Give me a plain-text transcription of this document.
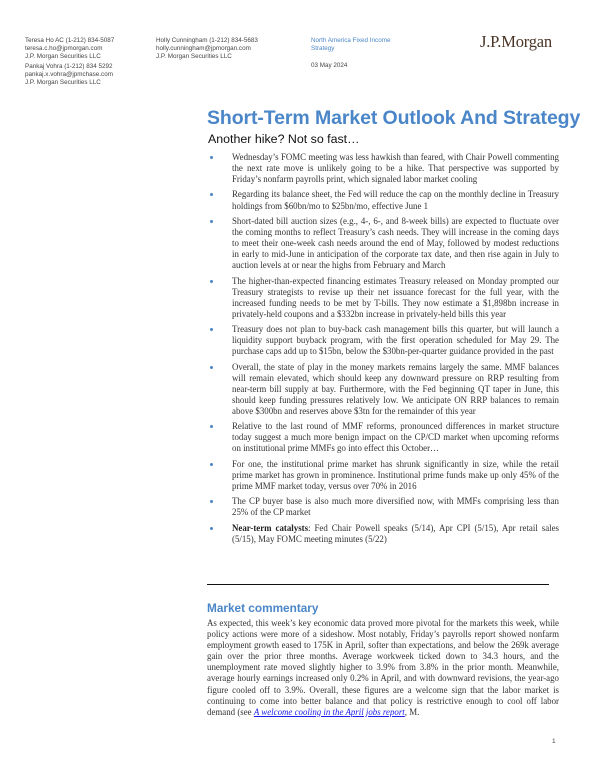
Teresa Ho AC (1-212) 834-5087
teresa.c.ho@jpmorgan.com
J.P. Morgan Securities LLC
Pankaj Vohra (1-212) 834 5292
pankaj.x.vohra@jpmchase.com
J.P. Morgan Securities LLC
Holly Cunningham (1-212) 834-5683
holly.cunningham@jpmorgan.com
J.P. Morgan Securities LLC
North America Fixed Income
Strategy
03 May 2024
J.P.Morgan
Short-Term Market Outlook And Strategy
Another hike? Not so fast…
Wednesday’s FOMC meeting was less hawkish than feared, with Chair Powell commenting the next rate move is unlikely going to be a hike. That perspective was supported by Friday’s nonfarm payrolls print, which signaled labor market cooling
Regarding its balance sheet, the Fed will reduce the cap on the monthly decline in Treasury holdings from $60bn/mo to $25bn/mo, effective June 1
Short-dated bill auction sizes (e.g., 4-, 6-, and 8-week bills) are expected to fluctuate over the coming months to reflect Treasury’s cash needs. They will increase in the coming days to meet their one-week cash needs around the end of May, followed by modest reductions in early to mid-June in anticipation of the corporate tax date, and then rise again in July to auction levels at or near the highs from February and March
The higher-than-expected financing estimates Treasury released on Monday prompted our Treasury strategists to revise up their net issuance forecast for the full year, with the increased funding needs to be met by T-bills. They now estimate a $1,898bn increase in privately-held coupons and a $332bn increase in privately-held bills this year
Treasury does not plan to buy-back cash management bills this quarter, but will launch a liquidity support buyback program, with the first operation scheduled for May 29. The purchase caps add up to $15bn, below the $30bn-per-quarter guidance provided in the past
Overall, the state of play in the money markets remains largely the same. MMF balances will remain elevated, which should keep any downward pressure on RRP resulting from near-term bill supply at bay. Furthermore, with the Fed beginning QT taper in June, this should keep funding pressures relatively low. We anticipate ON RRP balances to remain above $300bn and reserves above $3tn for the remainder of this year
Relative to the last round of MMF reforms, pronounced differences in market structure today suggest a much more benign impact on the CP/CD market when upcoming reforms on institutional prime MMFs go into effect this October…
For one, the institutional prime market has shrunk significantly in size, while the retail prime market has grown in prominence. Institutional prime funds make up only 45% of the prime MMF market today, versus over 70% in 2016
The CP buyer base is also much more diversified now, with MMFs comprising less than 25% of the CP market
Near-term catalysts: Fed Chair Powell speaks (5/14), Apr CPI (5/15), Apr retail sales (5/15), May FOMC meeting minutes (5/22)
Market commentary

As expected, this week’s key economic data proved more pivotal for the markets this week, while policy actions were more of a sideshow. Most notably, Friday’s payrolls report showed nonfarm employment growth eased to 175K in April, softer than expectations, and below the 269k average gain over the prior three months. Average workweek ticked down to 34.3 hours, and the unemployment rate moved slightly higher to 3.9% from 3.8% in the prior month. Meanwhile, average hourly earnings increased only 0.2% in April, and with downward revisions, the year-ago figure cooled off to 3.9%. Overall, these figures are a welcome sign that the labor market is continuing to come into better balance and that policy is restrictive enough to cool off labor demand (see A welcome cooling in the April jobs report, M.

1
